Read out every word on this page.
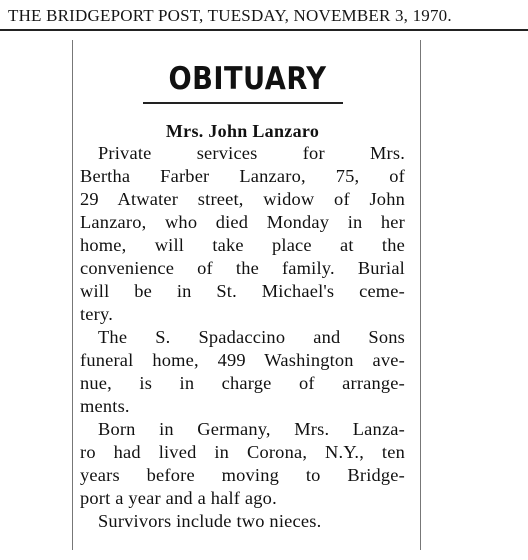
THE BRIDGEPORT POST, TUESDAY, NOVEMBER 3, 1970.
OBITUARY
Mrs. John Lanzaro

Private services for Mrs.
Bertha Farber Lanzaro, 75, of
29 Atwater street, widow of John
Lanzaro, who died Monday in her
home, will take place at the
convenience of the family. Burial
will be in St. Michael's ceme-
tery.

The S. Spadaccino and Sons
funeral home, 499 Washington ave-
nue, is in charge of arrange-
ments.

Born in Germany, Mrs. Lanza-
ro had lived in Corona, N.Y., ten
years before moving to Bridge-
port a year and a half ago.

Survivors include two nieces.
